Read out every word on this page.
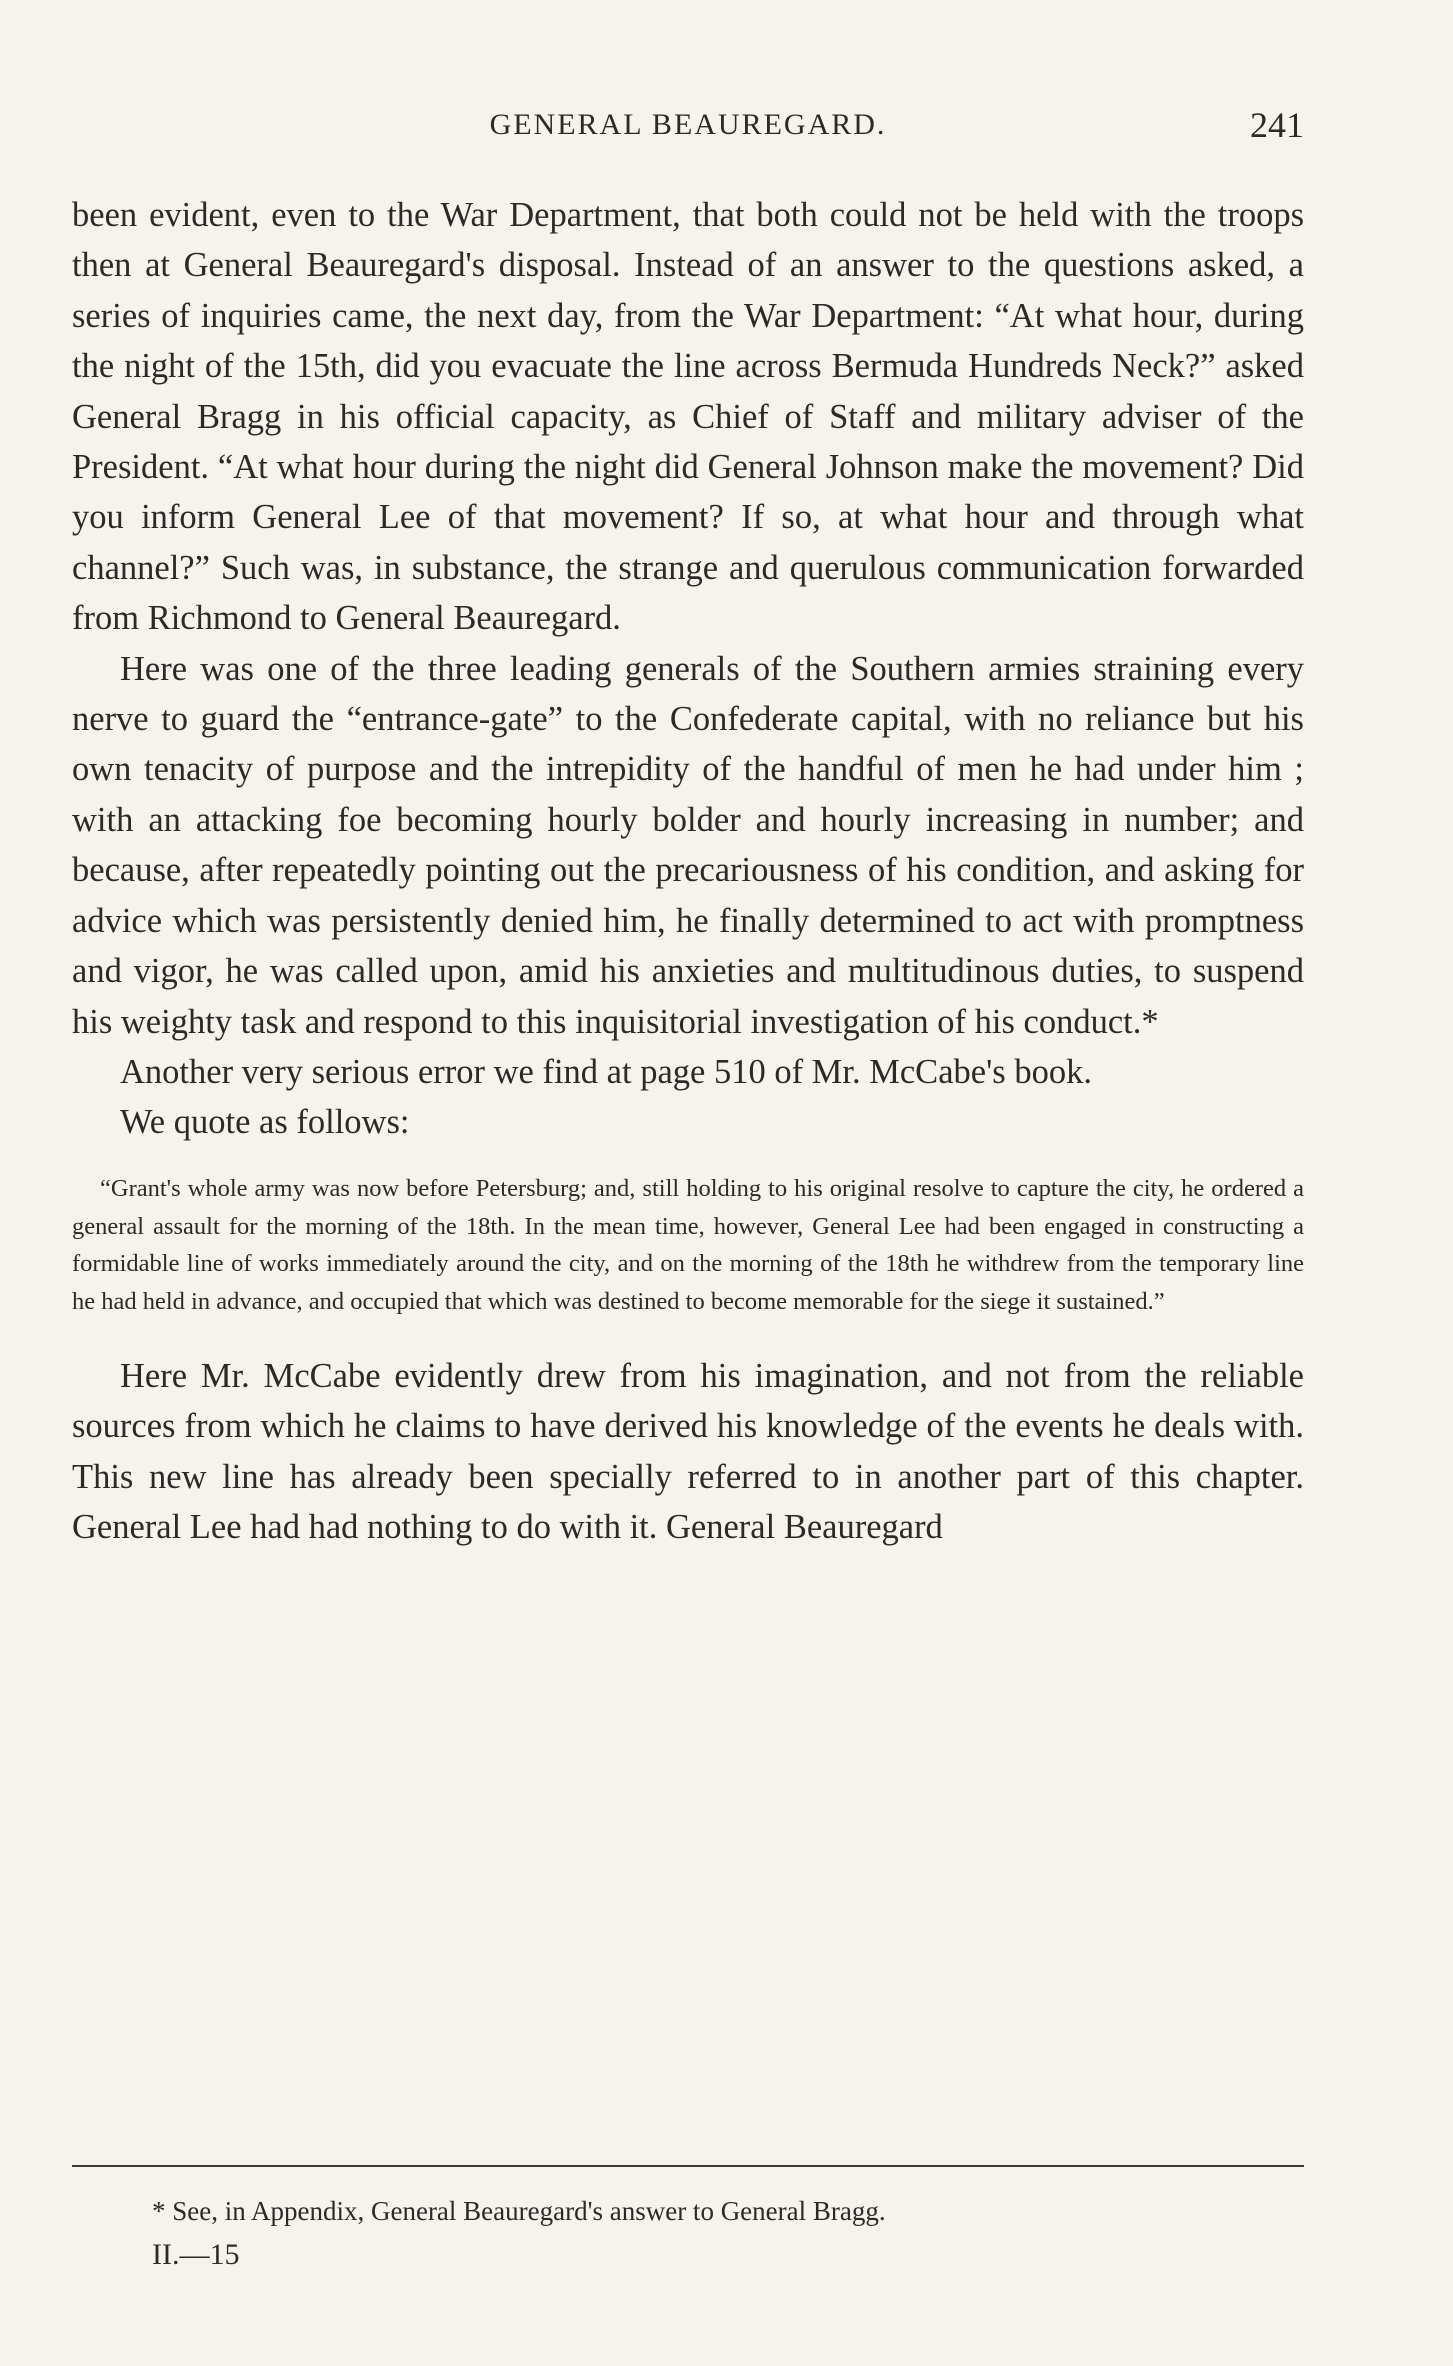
GENERAL BEAUREGARD.	241

been evident, even to the War Department, that both could not be held with the troops then at General Beauregard's disposal. Instead of an answer to the questions asked, a series of inquiries came, the next day, from the War Department: “At what hour, during the night of the 15th, did you evacuate the line across Bermuda Hundreds Neck?” asked General Bragg in his official capacity, as Chief of Staff and military adviser of the President. “At what hour during the night did General Johnson make the movement? Did you inform General Lee of that movement? If so, at what hour and through what channel?” Such was, in substance, the strange and querulous communication forwarded from Richmond to General Beauregard.

Here was one of the three leading generals of the Southern armies straining every nerve to guard the “entrance-gate” to the Confederate capital, with no reliance but his own tenacity of purpose and the intrepidity of the handful of men he had under him ; with an attacking foe becoming hourly bolder and hourly increasing in number; and because, after repeatedly pointing out the precariousness of his condition, and asking for advice which was persistently denied him, he finally determined to act with promptness and vigor, he was called upon, amid his anxieties and multitudinous duties, to suspend his weighty task and respond to this inquisitorial investigation of his conduct.*

Another very serious error we find at page 510 of Mr. McCabe's book.

We quote as follows:

“Grant's whole army was now before Petersburg; and, still holding to his original resolve to capture the city, he ordered a general assault for the morning of the 18th. In the mean time, however, General Lee had been engaged in constructing a formidable line of works immediately around the city, and on the morning of the 18th he withdrew from the temporary line he had held in advance, and occupied that which was destined to become memorable for the siege it sustained.”

Here Mr. McCabe evidently drew from his imagination, and not from the reliable sources from which he claims to have derived his knowledge of the events he deals with. This new line has already been specially referred to in another part of this chapter. General Lee had had nothing to do with it. General Beauregard

* See, in Appendix, General Beauregard's answer to General Bragg.
II.—15
